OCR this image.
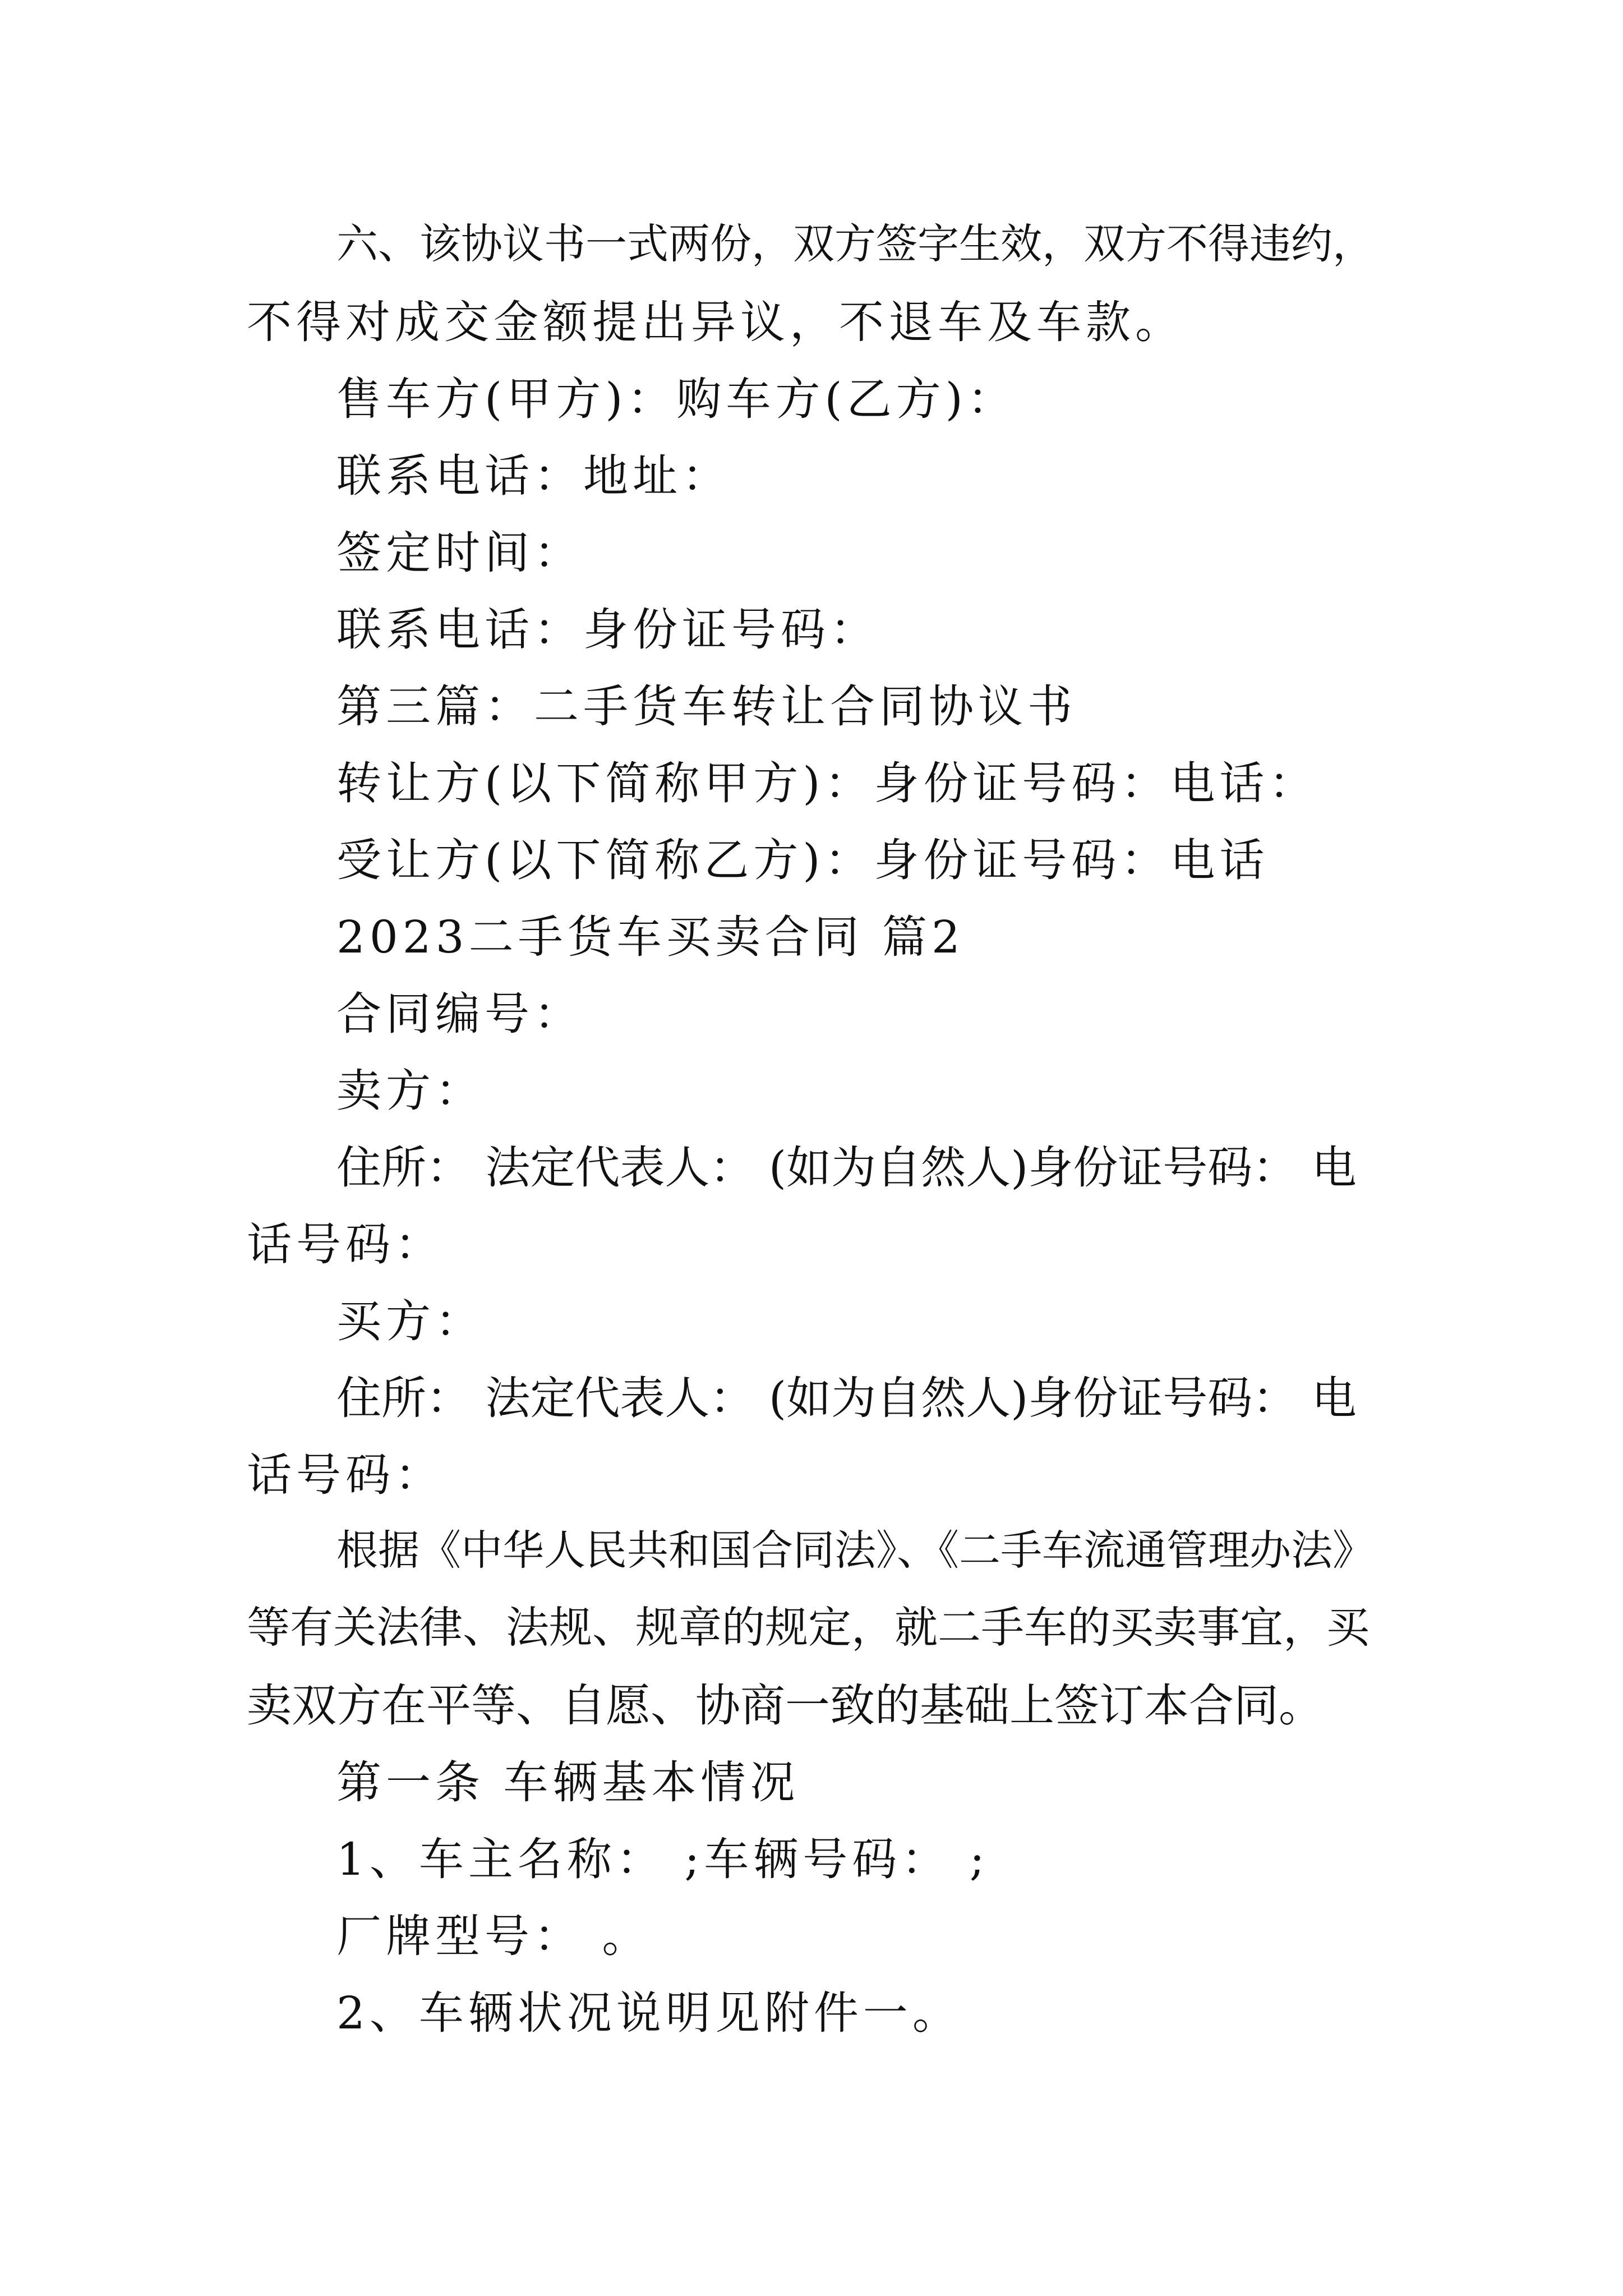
六、该协议书一式两份，双方签字生效，双方不得违约，
不得对成交金额提出异议，不退车及车款。
售车方(甲方)：购车方(乙方)：
联系电话：地址：
签定时间：
联系电话：身份证号码：
第三篇：二手货车转让合同协议书
转让方(以下简称甲方)：身份证号码：电话：
受让方(以下简称乙方)：身份证号码：电话
2023二手货车买卖合同 篇2
合同编号：
卖方：
住所： 法定代表人： (如为自然人)身份证号码： 电
话号码：
买方：
住所： 法定代表人： (如为自然人)身份证号码： 电
话号码：
根据《中华人民共和国合同法》、《二手车流通管理办法》
等有关法律、法规、规章的规定，就二手车的买卖事宜，买
卖双方在平等、自愿、协商一致的基础上签订本合同。
第一条 车辆基本情况
1、车主名称： ;车辆号码： ;
厂牌型号： 。
2、车辆状况说明见附件一。
